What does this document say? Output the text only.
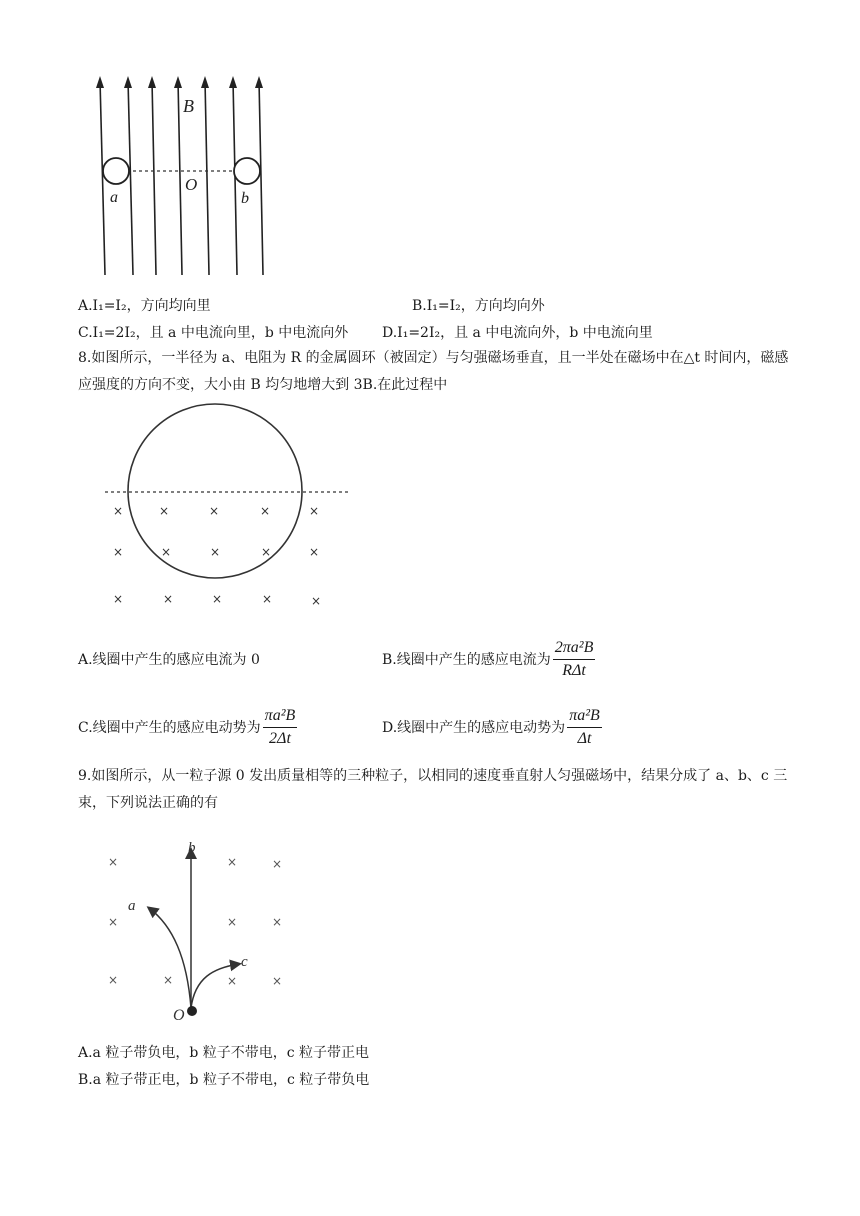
B
O
a	b
A.I₁=I₂，方向均向里	B.I₁=I₂，方向均向外
C.I₁=2I₂，且 a 中电流向里，b 中电流向外 D.I₁=2I₂，且 a 中电流向外，b 中电流向里
8.如图所示，一半径为 a、电阻为 R 的金属圆环（被固定）与匀强磁场垂直，且一半处在磁场中在△t 时间内，磁感应强度的方向不变，大小由 B 均匀地增大到 3B.在此过程中
×	×	×	×	×
×	×	×	×	×
×	×	×	×	×
A.线圈中产生的感应电流为 0	B.线圈中产生的感应电流为 $\frac{\text{2πa²B}}{\text{RΔt}}$
C.线圈中产生的感应电动势为 $\frac{\text{πa²B}}{2\Delta t}$	D.线圈中产生的感应电动势为 $\frac{\text{πa²B}}{\Delta t}$
9.如图所示，从一粒子源 0 发出质量相等的三种粒子，以相同的速度垂直射人匀强磁场中，结果分成了 a、b、c 三束，下列说法正确的有
×	×	×
×	×	×
×	×	×
×
b
a
c
O
A.a 粒子带负电，b 粒子不带电，c 粒子带正电
B.a 粒子带正电，b 粒子不带电，c 粒子带负电
